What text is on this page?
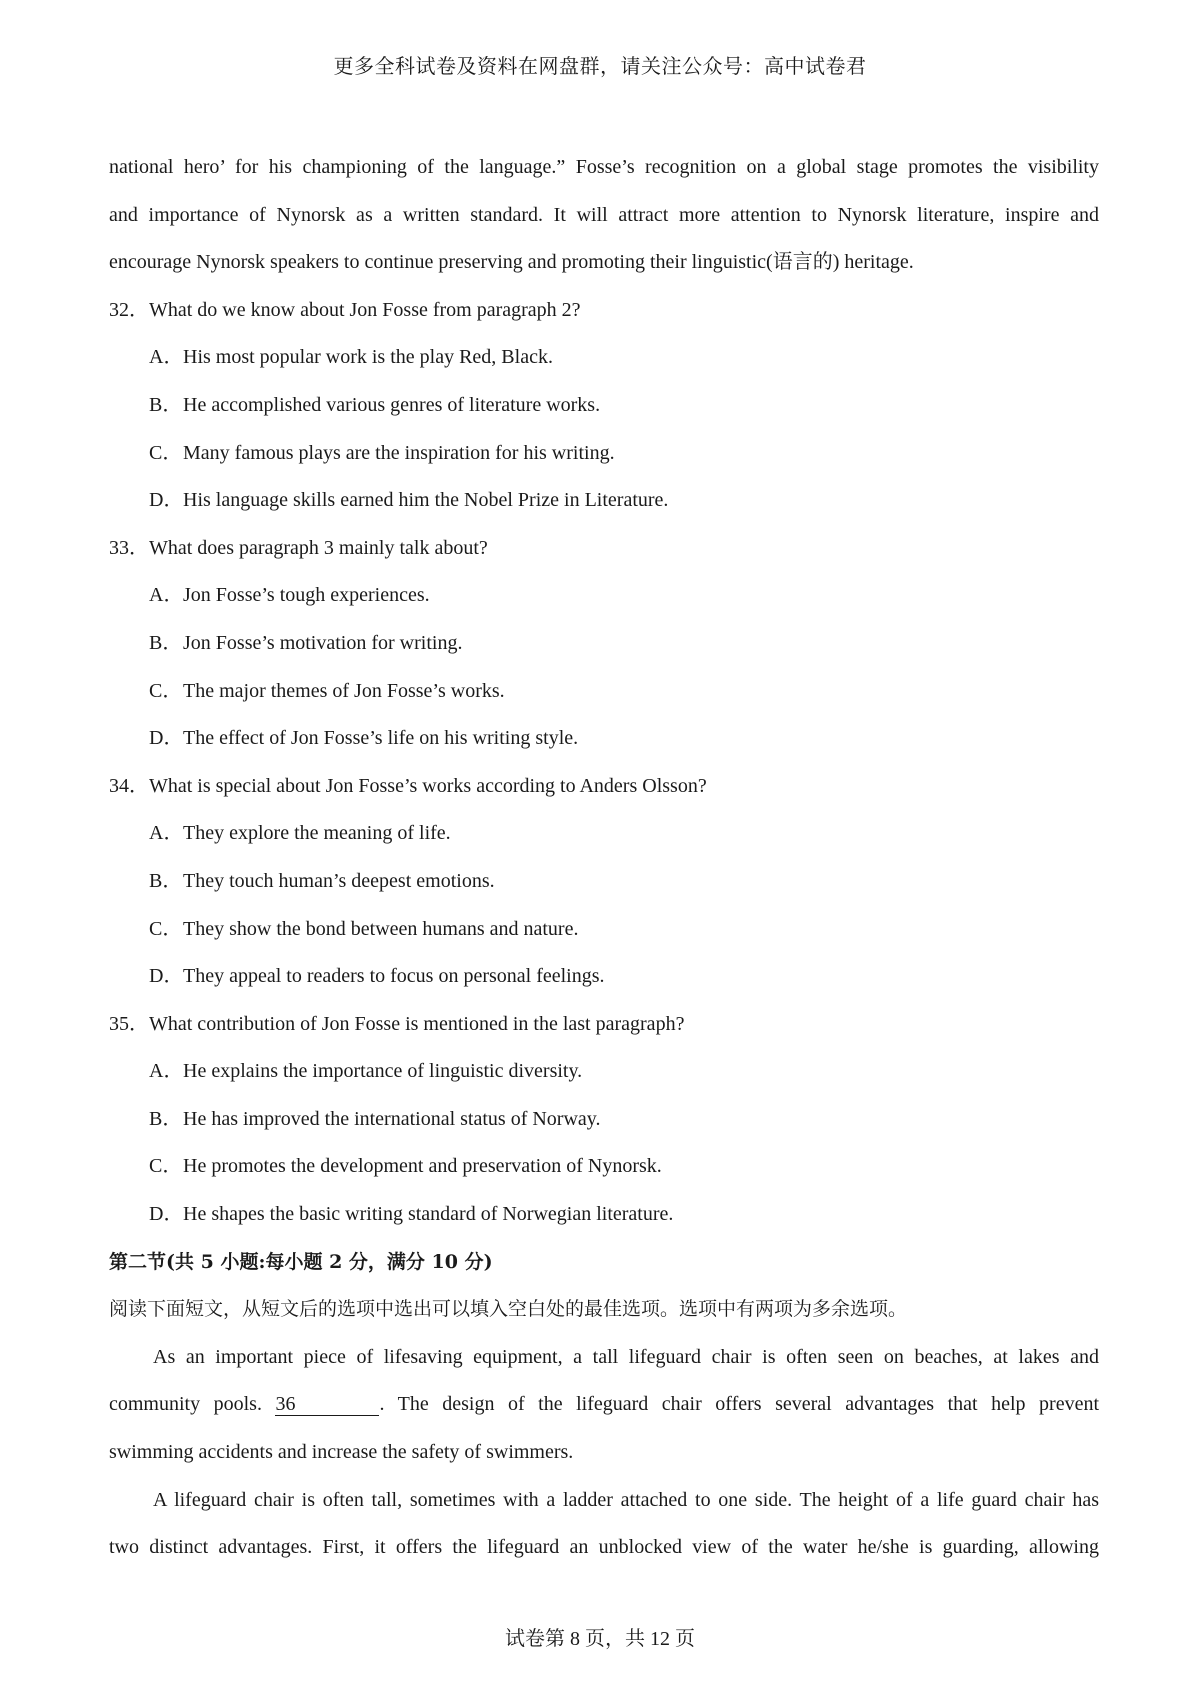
更多全科试卷及资料在网盘群，请关注公众号：高中试卷君
national hero’ for his championing of the language.” Fosse’s recognition on a global stage promotes the visibility
and importance of Nynorsk as a written standard. It will attract more attention to Nynorsk literature, inspire and
encourage Nynorsk speakers to continue preserving and promoting their linguistic(语言的) heritage.
32．What do we know about Jon Fosse from paragraph 2?
A．His most popular work is the play Red, Black.
B．He accomplished various genres of literature works.
C．Many famous plays are the inspiration for his writing.
D．His language skills earned him the Nobel Prize in Literature.
33．What does paragraph 3 mainly talk about?
A．Jon Fosse’s tough experiences.
B．Jon Fosse’s motivation for writing.
C．The major themes of Jon Fosse’s works.
D．The effect of Jon Fosse’s life on his writing style.
34．What is special about Jon Fosse’s works according to Anders Olsson?
A．They explore the meaning of life.
B．They touch human’s deepest emotions.
C．They show the bond between humans and nature.
D．They appeal to readers to focus on personal feelings.
35．What contribution of Jon Fosse is mentioned in the last paragraph?
A．He explains the importance of linguistic diversity.
B．He has improved the international status of Norway.
C．He promotes the development and preservation of Nynorsk.
D．He shapes the basic writing standard of Norwegian literature.
第二节(共 5 小题:每小题 2 分，满分 10 分)
阅读下面短文，从短文后的选项中选出可以填入空白处的最佳选项。选项中有两项为多余选项。
As an important piece of lifesaving equipment, a tall lifeguard chair is often seen on beaches, at lakes and
community pools. 36	. The design of the lifeguard chair offers several advantages that help prevent
swimming accidents and increase the safety of swimmers.
A lifeguard chair is often tall, sometimes with a ladder attached to one side. The height of a life guard chair has
two distinct advantages. First, it offers the lifeguard an unblocked view of the water he/she is guarding, allowing
试卷第 8 页，共 12 页
